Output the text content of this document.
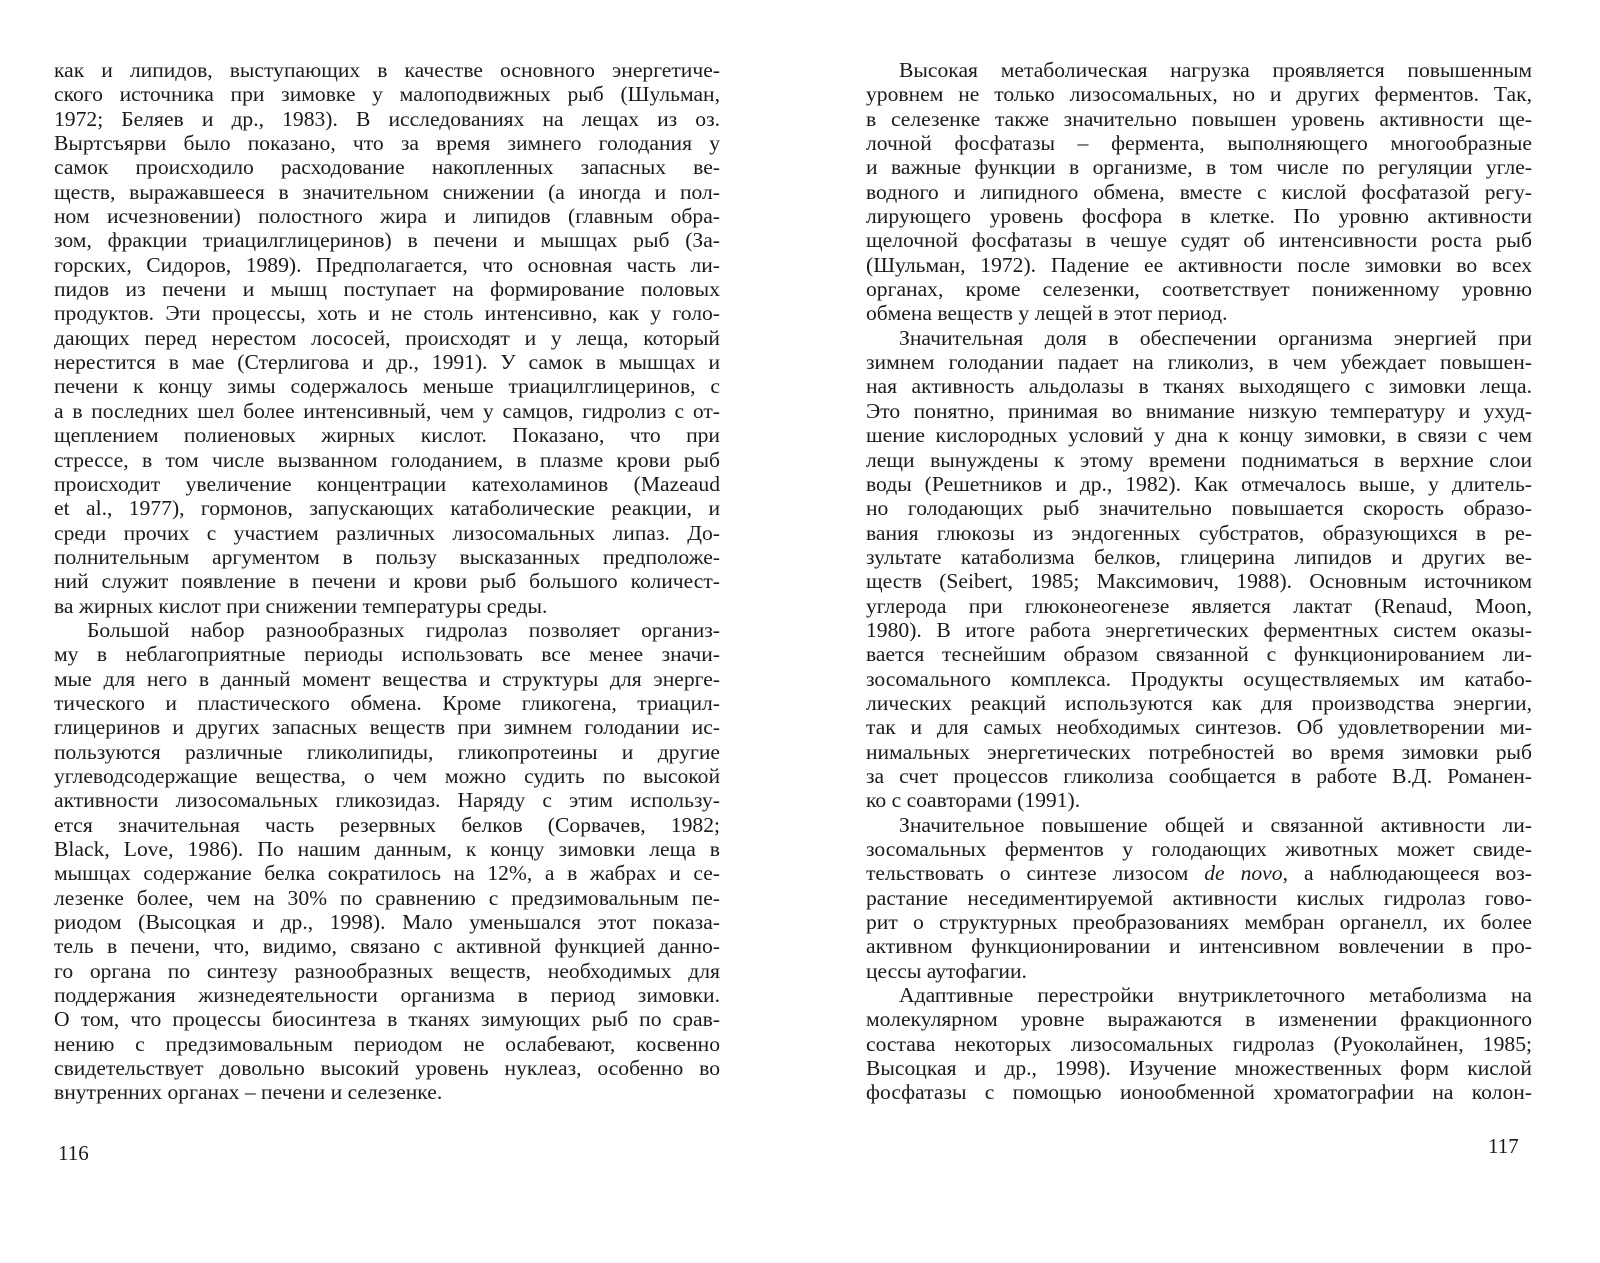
как и липидов, выступающих в качестве основного энергетиче-
ского источника при зимовке у малоподвижных рыб (Шульман,
1972; Беляев и др., 1983). В исследованиях на лещах из оз.
Выртсъярви было показано, что за время зимнего голодания у
самок происходило расходование накопленных запасных ве-
ществ, выражавшееся в значительном снижении (а иногда и пол-
ном исчезновении) полостного жира и липидов (главным обра-
зом, фракции триацилглицеринов) в печени и мышцах рыб (За-
горских, Сидоров, 1989). Предполагается, что основная часть ли-
пидов из печени и мышц поступает на формирование половых
продуктов. Эти процессы, хоть и не столь интенсивно, как у голо-
дающих перед нерестом лососей, происходят и у леща, который
нерестится в мае (Стерлигова и др., 1991). У самок в мышцах и
печени к концу зимы содержалось меньше триацилглицеринов, с
а в последних шел более интенсивный, чем у самцов, гидролиз с от-
щеплением полиеновых жирных кислот. Показано, что при
стрессе, в том числе вызванном голоданием, в плазме крови рыб
происходит увеличение концентрации катехоламинов (Mazeaud
et al., 1977), гормонов, запускающих катаболические реакции, и
среди прочих с участием различных лизосомальных липаз. До-
полнительным аргументом в пользу высказанных предположе-
ний служит появление в печени и крови рыб большого количест-
ва жирных кислот при снижении температуры среды.
Большой набор разнообразных гидролаз позволяет организ-
му в неблагоприятные периоды использовать все менее значи-
мые для него в данный момент вещества и структуры для энерге-
тического и пластического обмена. Кроме гликогена, триацил-
глицеринов и других запасных веществ при зимнем голодании ис-
пользуются различные гликолипиды, гликопротеины и другие
углеводсодержащие вещества, о чем можно судить по высокой
активности лизосомальных гликозидаз. Наряду с этим использу-
ется значительная часть резервных белков (Сорвачев, 1982;
Black, Love, 1986). По нашим данным, к концу зимовки леща в
мышцах содержание белка сократилось на 12%, а в жабрах и се-
лезенке более, чем на 30% по сравнению с предзимовальным пе-
риодом (Высоцкая и др., 1998). Мало уменьшался этот показа-
тель в печени, что, видимо, связано с активной функцией данно-
го органа по синтезу разнообразных веществ, необходимых для
поддержания жизнедеятельности организма в период зимовки.
О том, что процессы биосинтеза в тканях зимующих рыб по срав-
нению с предзимовальным периодом не ослабевают, косвенно
свидетельствует довольно высокий уровень нуклеаз, особенно во
внутренних органах – печени и селезенке.
116
Высокая метаболическая нагрузка проявляется повышенным
уровнем не только лизосомальных, но и других ферментов. Так,
в селезенке также значительно повышен уровень активности ще-
лочной фосфатазы – фермента, выполняющего многообразные
и важные функции в организме, в том числе по регуляции угле-
водного и липидного обмена, вместе с кислой фосфатазой регу-
лирующего уровень фосфора в клетке. По уровню активности
щелочной фосфатазы в чешуе судят об интенсивности роста рыб
(Шульман, 1972). Падение ее активности после зимовки во всех
органах, кроме селезенки, соответствует пониженному уровню
обмена веществ у лещей в этот период.
Значительная доля в обеспечении организма энергией при
зимнем голодании падает на гликолиз, в чем убеждает повышен-
ная активность альдолазы в тканях выходящего с зимовки леща.
Это понятно, принимая во внимание низкую температуру и ухуд-
шение кислородных условий у дна к концу зимовки, в связи с чем
лещи вынуждены к этому времени подниматься в верхние слои
воды (Решетников и др., 1982). Как отмечалось выше, у длитель-
но голодающих рыб значительно повышается скорость образо-
вания глюкозы из эндогенных субстратов, образующихся в ре-
зультате катаболизма белков, глицерина липидов и других ве-
ществ (Seibert, 1985; Максимович, 1988). Основным источником
углерода при глюконеогенезе является лактат (Renaud, Moon,
1980). В итоге работа энергетических ферментных систем оказы-
вается теснейшим образом связанной с функционированием ли-
зосомального комплекса. Продукты осуществляемых им катабо-
лических реакций используются как для производства энергии,
так и для самых необходимых синтезов. Об удовлетворении ми-
нимальных энергетических потребностей во время зимовки рыб
за счет процессов гликолиза сообщается в работе В.Д. Романен-
ко с соавторами (1991).
Значительное повышение общей и связанной активности ли-
зосомальных ферментов у голодающих животных может свиде-
тельствовать о синтезе лизосом de novo, а наблюдающееся воз-
растание неседиментируемой активности кислых гидролаз гово-
рит о структурных преобразованиях мембран органелл, их более
активном функционировании и интенсивном вовлечении в про-
цессы аутофагии.
Адаптивные перестройки внутриклеточного метаболизма на
молекулярном уровне выражаются в изменении фракционного
состава некоторых лизосомальных гидролаз (Руоколайнен, 1985;
Высоцкая и др., 1998). Изучение множественных форм кислой
фосфатазы с помощью ионообменной хроматографии на колон-
117
